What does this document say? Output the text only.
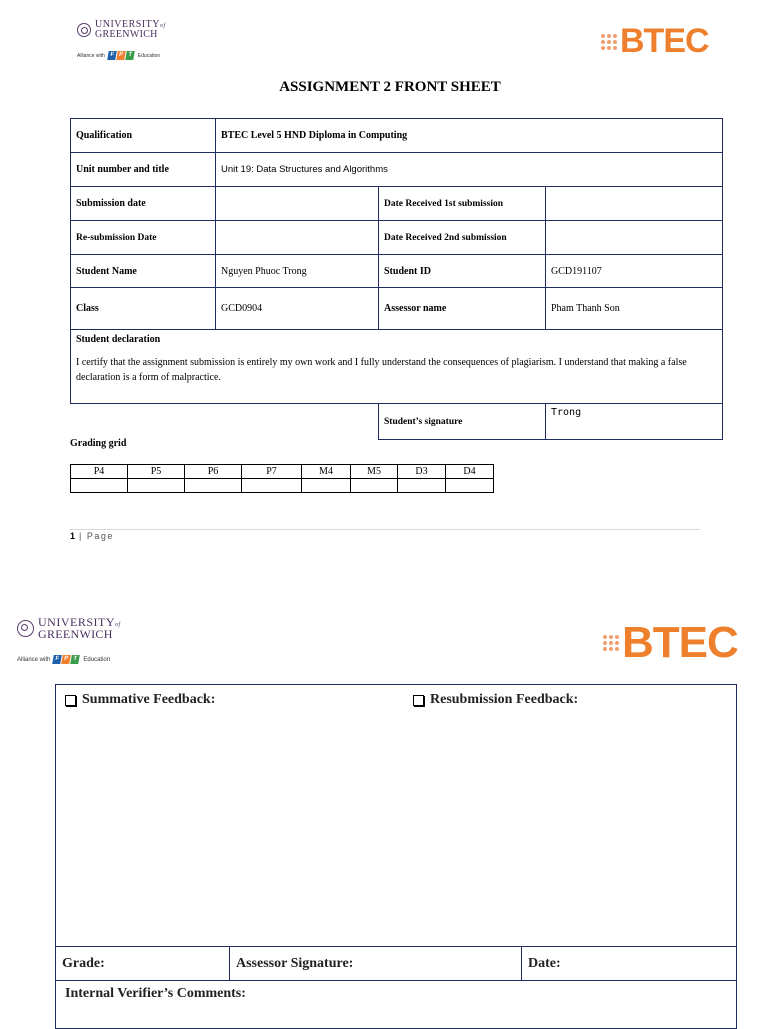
UNIVERSITYof
GREENWICH
Alliance with F P T	Education	BTEC
ASSIGNMENT 2 FRONT SHEET
Qualification	BTEC Level 5 HND Diploma in Computing		
Unit number and title	Unit 19: Data Structures and Algorithms		
Submission date		Date Received 1st submission	
Re-submission Date		Date Received 2nd submission	
Student Name	Nguyen Phuoc Trong	Student ID	GCD191107
Class	GCD0904	Assessor name	Pham Thanh Son

Student declaration
I certify that the assignment submission is entirely my own work and I fully understand the consequences of plagiarism. I understand that making a false declaration is a form of malpractice.			

		Student’s signature	Trong
Grading grid
P4	P5	P6	P7	M4	M5	D3	D4

1 | Page
UNIVERSITYof
GREENWICH
Alliance with F P T Education	BTEC
Summative Feedback:	Resubmission Feedback:
Grade:	Assessor Signature:	Date:
Internal Verifier’s Comments:
